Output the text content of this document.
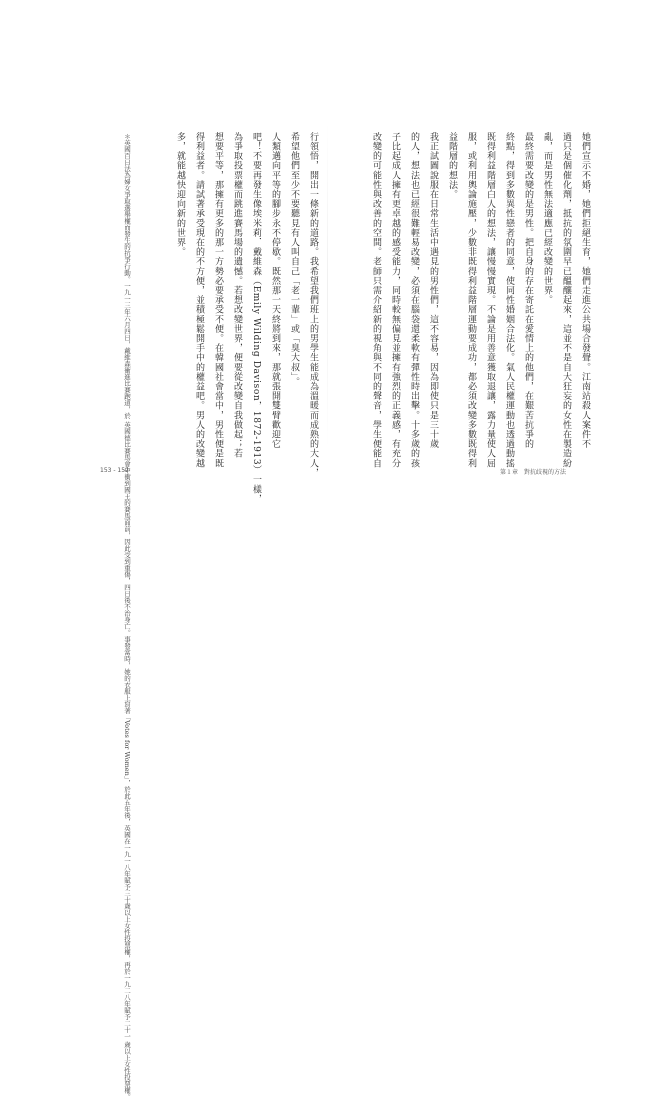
她們宣示不婚，她們拒絕生育，她們走進公共場合發聲。江南站殺人案件不
過只是個催化劑，抵抗的氛圍早已醞釀起來，這並不是自大狂妄的女性在製造紛
亂，而是男性無法適應已經改變的世界。
最終需要改變的是男性。把自身的存在寄託在愛情上的他們，在艱苦抗爭的
終點，得到多數異性戀者的同意，使同性婚姻合法化。氣人民權運動也透過動搖
既得利益階層白人的想法，讓慢慢實現。不論是用善意獲取退讓，露力量使人屈
服，或利用輿論施壓，少數非既得利益階層運動要成功，都必須改變多數既得利
益階層的想法。
我正試圖說服在日常生活中遇見的男性們，這不容易，因為即使只是三十歲
的人，想法也已經很難輕易改變，必須在腦袋還柔軟有彈性時出擊。十多歲的孩
子比起成人擁有更卓越的感受能力，同時較無偏見並擁有強烈的正義感，有充分
改變的可能性與改善的空間。老師只需介紹新的視角與不同的聲音，學生便能自
行領悟，開出一條新的道路。我希望我們班上的男學生能成為溫暖而成熟的大人，
希望他們至少不要聽見有人叫自己「老一輩」或「臭大叔」。
人類邁向平等的腳步永不停歇。既然那一天終將到來，那就張開雙臂歡迎它
吧！不要再發生像埃米莉．戴維森（Emily Wilding Davison，1872-1913）一樣，
為爭取投票權而跳進賽馬場的遺憾。若想改變世界，便要從改變自我做起；若
想要平等，那擁有更多的那一方勢必要承受不便。在韓國社會當中，男性便是既
得利益者。請試著承受現在的不方便，並積極鬆開手中的權益吧。男人的改變越
多，就能越快迎向新的世界。
＊英國百日法為婦女爭取選舉權而發生的抗爭行動。一九一三年六月四日，戴維森衝進比賽跑道，於 英國德比賽馬會中衝到國王的賽馬面前，因此受到重傷，四日後不治身亡。事發當時，她的衣服上寫著「Votes for Women」，於此五年後，英國在一九一八年賦予三十歲以上女性投票權，再於一九二八年賦予二十一 歲以上女性投票權。
153 - 152	第１章　對抗歧視的方法
